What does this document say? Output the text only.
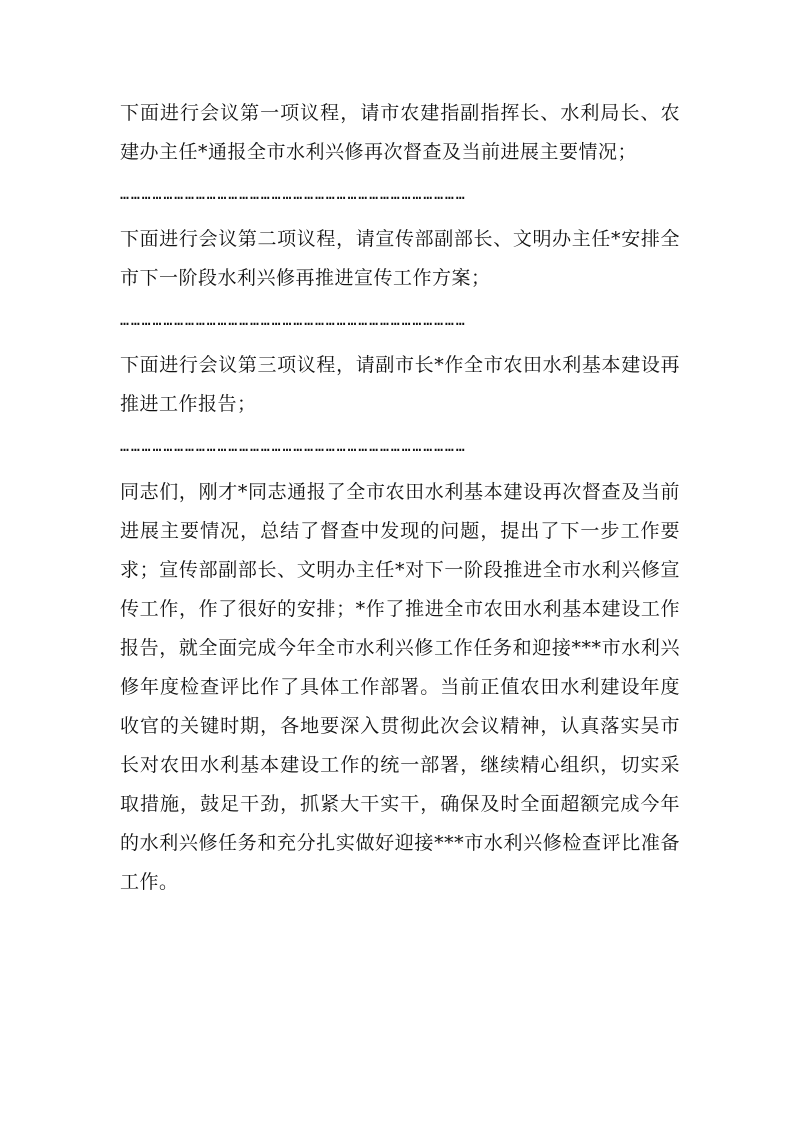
下面进行会议第一项议程，请市农建指副指挥长、水利局长、农建办主任*通报全市水利兴修再次督查及当前进展主要情况；

……………………………………………………………………………………

下面进行会议第二项议程，请宣传部副部长、文明办主任*安排全市下一阶段水利兴修再推进宣传工作方案；

……………………………………………………………………………………

下面进行会议第三项议程，请副市长*作全市农田水利基本建设再推进工作报告；

……………………………………………………………………………………

同志们，刚才*同志通报了全市农田水利基本建设再次督查及当前进展主要情况，总结了督查中发现的问题，提出了下一步工作要求；宣传部副部长、文明办主任*对下一阶段推进全市水利兴修宣传工作，作了很好的安排；*作了推进全市农田水利基本建设工作报告，就全面完成今年全市水利兴修工作任务和迎接***市水利兴修年度检查评比作了具体工作部署。当前正值农田水利建设年度收官的关键时期，各地要深入贯彻此次会议精神，认真落实吴市长对农田水利基本建设工作的统一部署，继续精心组织，切实采取措施，鼓足干劲，抓紧大干实干，确保及时全面超额完成今年的水利兴修任务和充分扎实做好迎接***市水利兴修检查评比准备工作。
